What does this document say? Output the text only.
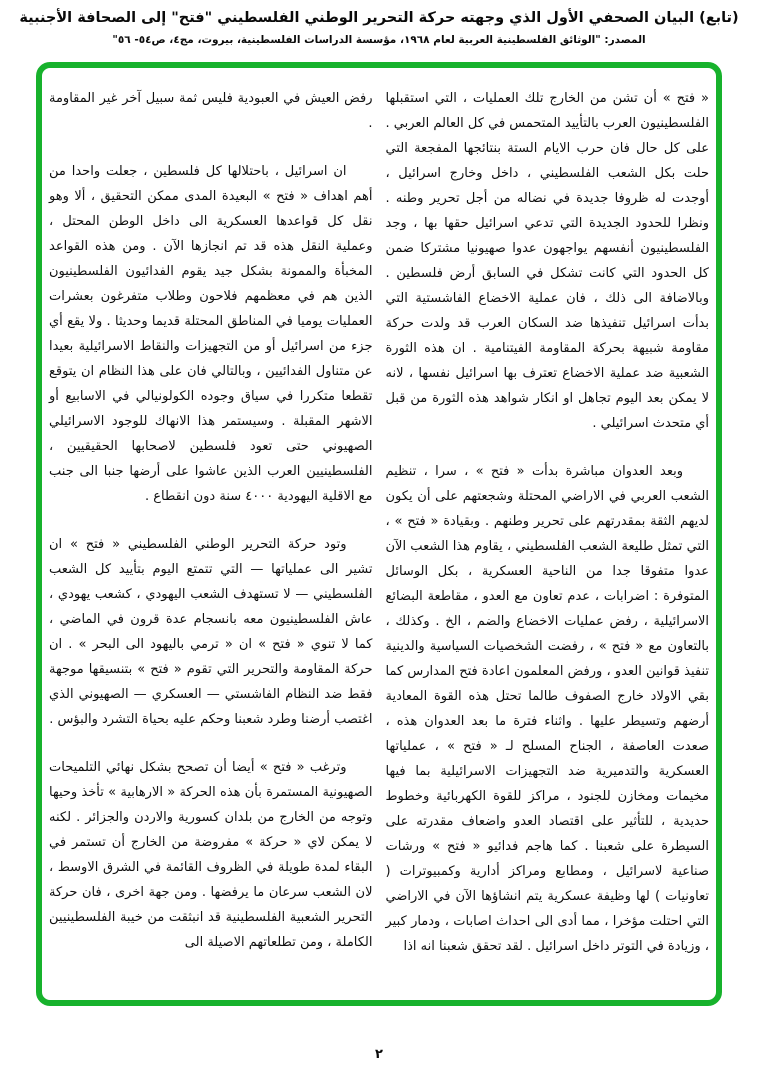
(تابع) البيان الصحفي الأول الذي وجهته حركة التحرير الوطني الفلسطيني "فتح" إلى الصحافة الأجنبية
المصدر: "الوثائق الفلسطينية العربية لعام ١٩٦٨، مؤسسة الدراسات الفلسطينية، بيروت، مج٤، ص٥٤- ٥٦"

« فتح » أن تشن من الخارج تلك العمليات ، التي استقبلها الفلسطينيون العرب بالتأييد المتحمس في كل العالم العربي . على كل حال فان حرب الايام الستة بنتائجها المفجعة التي حلت بكل الشعب الفلسطيني ، داخل وخارج اسرائيل ، أوجدت له ظروفا جديدة في نضاله من أجل تحرير وطنه . ونظرا للحدود الجديدة التي تدعي اسرائيل حقها بها ، وجد الفلسطينيون أنفسهم يواجهون عدوا صهيونيا مشتركا ضمن كل الحدود التي كانت تشكل في السابق أرض فلسطين . وبالاضافة الى ذلك ، فان عملية الاخضاع الفاشستية التي بدأت اسرائيل تنفيذها ضد السكان العرب قد ولدت حركة مقاومة شبيهة بحركة المقاومة الفيتنامية . ان هذه الثورة الشعبية ضد عملية الاخضاع تعترف بها اسرائيل نفسها ، لانه لا يمكن بعد اليوم تجاهل او انكار شواهد هذه الثورة من قبل أي متحدث اسرائيلي .

وبعد العدوان مباشرة بدأت « فتح » ، سرا ، تنظيم الشعب العربي في الاراضي المحتلة وشجعتهم على أن يكون لديهم الثقة بمقدرتهم على تحرير وطنهم . وبقيادة « فتح » ، التي تمثل طليعة الشعب الفلسطيني ، يقاوم هذا الشعب الآن عدوا متفوقا جدا من الناحية العسكرية ، بكل الوسائل المتوفرة : اضرابات ، عدم تعاون مع العدو ، مقاطعة البضائع الاسرائيلية ، رفض عمليات الاخضاع والضم ، الخ . وكذلك ، بالتعاون مع « فتح » ، رفضت الشخصيات السياسية والدينية تنفيذ قوانين العدو ، ورفض المعلمون اعادة فتح المدارس كما بقي الاولاد خارج الصفوف طالما تحتل هذه القوة المعادية أرضهم وتسيطر عليها . واثناء فترة ما بعد العدوان هذه ، صعدت العاصفة ، الجناح المسلح لـ « فتح » ، عملياتها العسكرية والتدميرية ضد التجهيزات الاسرائيلية بما فيها مخيمات ومخازن للجنود ، مراكز للقوة الكهربائية وخطوط حديدية ، للتأثير على اقتصاد العدو واضعاف مقدرته على السيطرة على شعبنا . كما هاجم فدائيو « فتح » ورشات صناعية لاسرائيل ، ومطابع ومراكز أدارية وكمبيوترات ( تعاونيات ) لها وظيفة عسكرية يتم انشاؤها الآن في الاراضي التي احتلت مؤخرا ، مما أدى الى احداث اصابات ، ودمار كبير ، وزيادة في التوتر داخل اسرائيل . لقد تحقق شعبنا انه اذا

رفض العيش في العبودية فليس ثمة سبيل آخر غير المقاومة .

ان اسرائيل ، باحتلالها كل فلسطين ، جعلت واحدا من أهم اهداف « فتح » البعيدة المدى ممكن التحقيق ، ألا وهو نقل كل قواعدها العسكرية الى داخل الوطن المحتل ، وعملية النقل هذه قد تم انجازها الآن . ومن هذه القواعد المخبأة والممونة بشكل جيد يقوم الفدائيون الفلسطينيون الذين هم في معظمهم فلاحون وطلاب متفرغون بعشرات العمليات يوميا في المناطق المحتلة قديما وحديثا . ولا يقع أي جزء من اسرائيل أو من التجهيزات والنقاط الاسرائيلية بعيدا عن متناول الفدائيين ، وبالتالي فان على هذا النظام ان يتوقع تقطعا متكررا في سياق وجوده الكولونيالي في الاسابيع أو الاشهر المقبلة . وسيستمر هذا الانهاك للوجود الاسرائيلي الصهيوني حتى تعود فلسطين لاصحابها الحقيقيين ، الفلسطينيين العرب الذين عاشوا على أرضها جنبا الى جنب مع الاقلية اليهودية ٤٠٠٠ سنة دون انقطاع .

وتود حركة التحرير الوطني الفلسطيني « فتح » ان تشير الى عملياتها — التي تتمتع اليوم بتأييد كل الشعب الفلسطيني — لا تستهدف الشعب اليهودي ، كشعب يهودي ، عاش الفلسطينيون معه بانسجام عدة قرون في الماضي ، كما لا تنوي « فتح » ان « ترمي باليهود الى البحر » . ان حركة المقاومة والتحرير التي تقوم « فتح » بتنسيقها موجهة فقط ضد النظام الفاشستي — العسكري — الصهيوني الذي اغتصب أرضنا وطرد شعبنا وحكم عليه بحياة التشرد والبؤس .

وترغب « فتح » أيضا أن تصحح بشكل نهائي التلميحات الصهيونية المستمرة بأن هذه الحركة « الارهابية » تأخذ وحيها وتوجه من الخارج من بلدان كسورية والاردن والجزائر . لكنه لا يمكن لاي « حركة » مفروضة من الخارج أن تستمر في البقاء لمدة طويلة في الظروف القائمة في الشرق الاوسط ، لان الشعب سرعان ما يرفضها . ومن جهة اخرى ، فان حركة التحرير الشعبية الفلسطينية قد انبثقت من خيبة الفلسطينيين الكاملة ، ومن تطلعاتهم الاصيلة الى

٢
